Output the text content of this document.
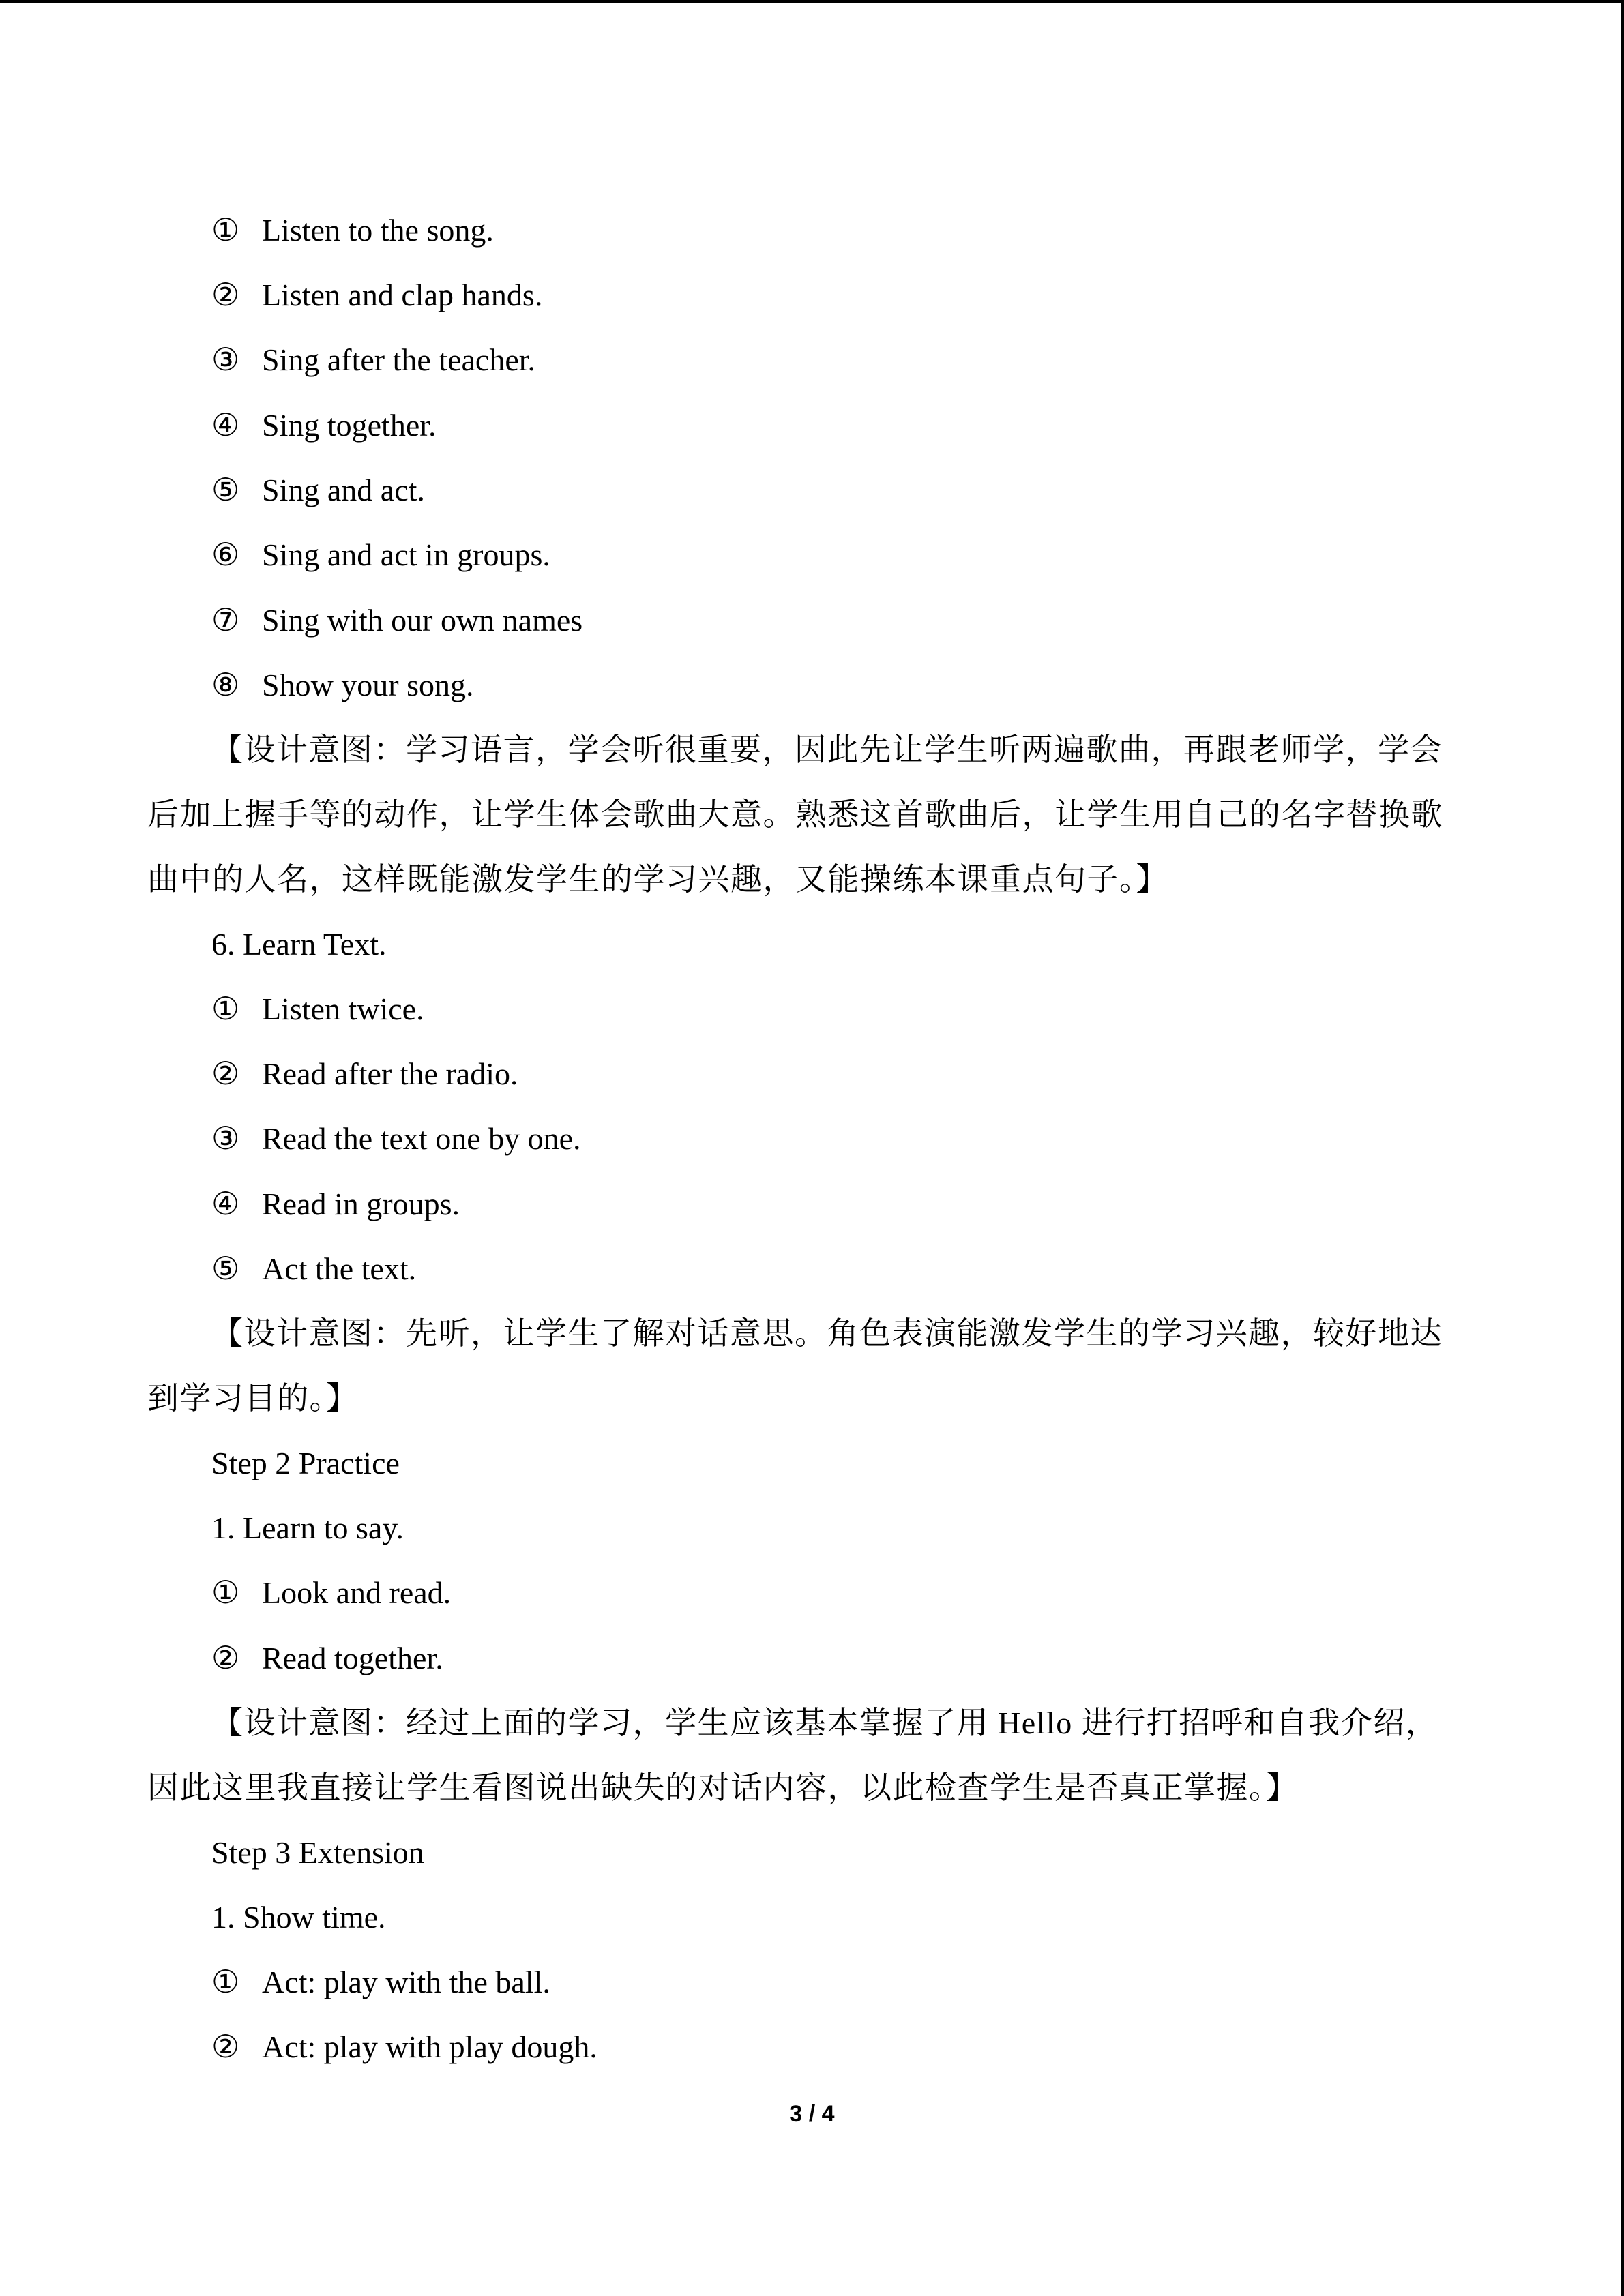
① Listen to the song.
② Listen and clap hands.
③ Sing after the teacher.
④ Sing together.
⑤ Sing and act.
⑥ Sing and act in groups.
⑦ Sing with our own names
⑧ Show your song.
【设计意图：学习语言，学会听很重要，因此先让学生听两遍歌曲，再跟老师学，学会
后加上握手等的动作，让学生体会歌曲大意。熟悉这首歌曲后，让学生用自己的名字替换歌
曲中的人名，这样既能激发学生的学习兴趣，又能操练本课重点句子。】
6. Learn Text.
① Listen twice.
② Read after the radio.
③ Read the text one by one.
④ Read in groups.
⑤ Act the text.
【设计意图：先听，让学生了解对话意思。角色表演能激发学生的学习兴趣，较好地达
到学习目的。】
Step 2 Practice
1. Learn to say.
① Look and read.
② Read together.
【设计意图：经过上面的学习，学生应该基本掌握了用 Hello 进行打招呼和自我介绍，
因此这里我直接让学生看图说出缺失的对话内容，以此检查学生是否真正掌握。】
Step 3 Extension
1. Show time.
① Act: play with the ball.
② Act: play with play dough.
3 / 4
